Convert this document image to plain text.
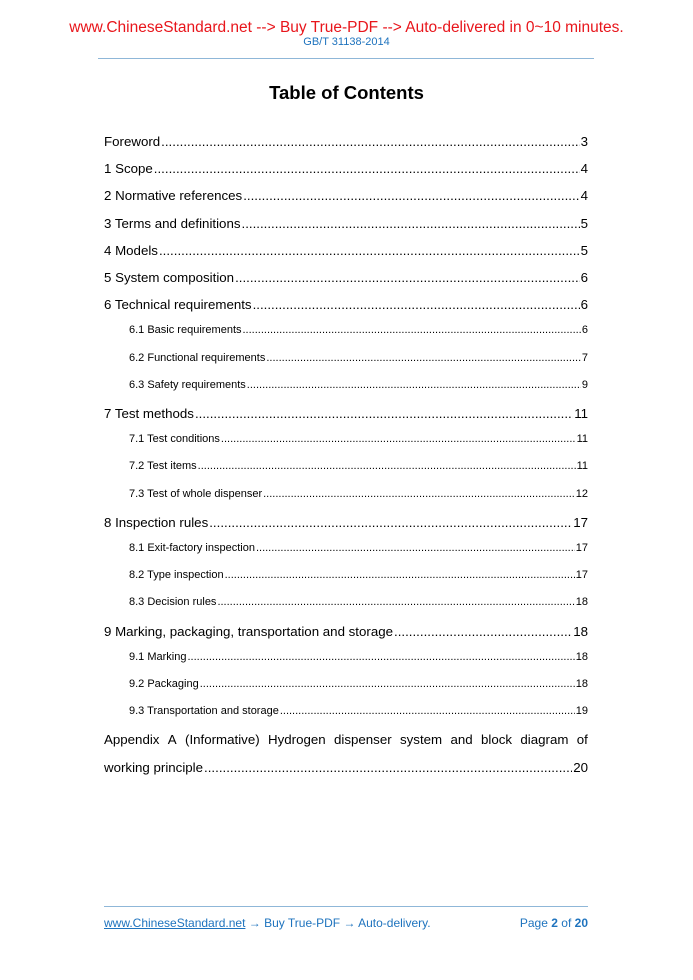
www.ChineseStandard.net --> Buy True-PDF --> Auto-delivered in 0~10 minutes.
GB/T 31138-2014
Table of Contents
Foreword .....	3
1 Scope .....	4
2 Normative references .....	4
3 Terms and definitions .....	5
4 Models .....	5
5 System composition .....	6
6 Technical requirements .....	6
6.1 Basic requirements .....	6
6.2 Functional requirements .....	7
6.3 Safety requirements .....	9
7 Test methods .....	11
7.1 Test conditions .....	11
7.2 Test items .....	11
7.3 Test of whole dispenser .....	12
8 Inspection rules .....	17
8.1 Exit-factory inspection .....	17
8.2 Type inspection .....	17
8.3 Decision rules .....	18
9 Marking, packaging, transportation and storage .....	18
9.1 Marking .....	18
9.2 Packaging .....	18
9.3 Transportation and storage .....	19
Appendix A (Informative) Hydrogen dispenser system and block diagram of
working principle .....	20
www.ChineseStandard.net → Buy True-PDF → Auto-delivery.	Page 2 of 20
